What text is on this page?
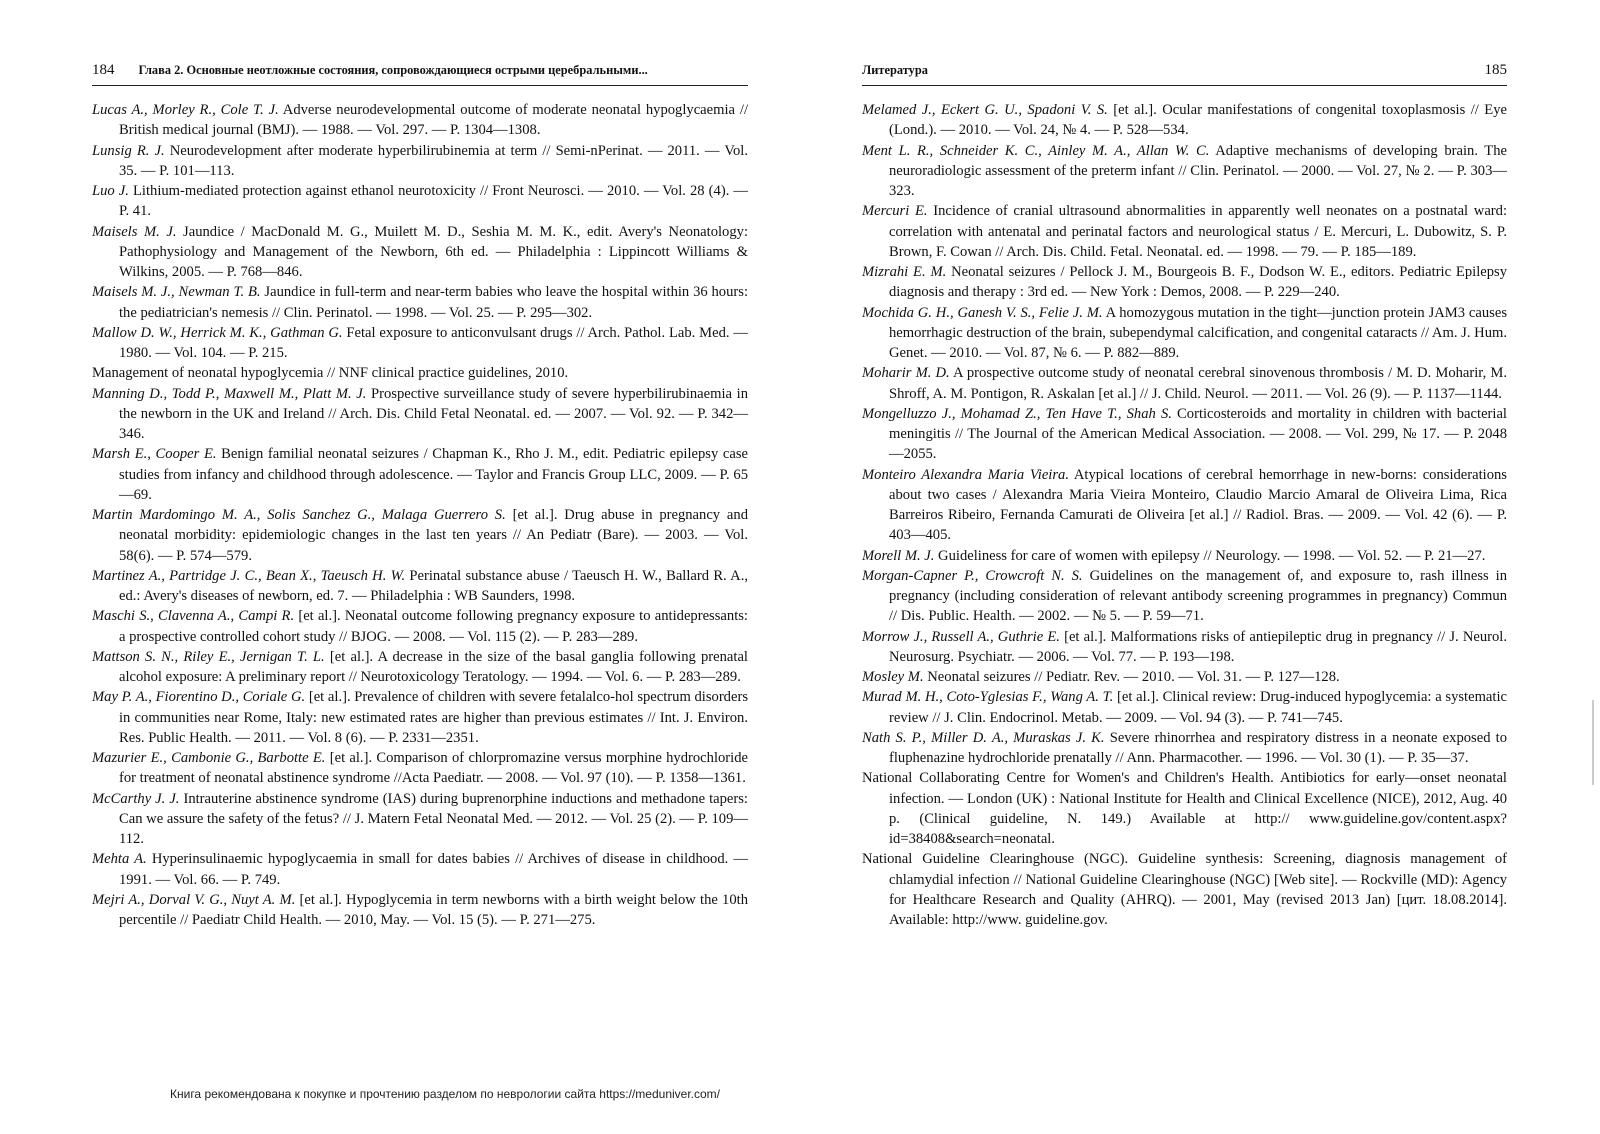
184 Глава 2. Основные неотложные состояния, сопровождающиеся острыми церебральными...
Lucas A., Morley R., Cole T. J. Adverse neurodevelopmental outcome of moderate neonatal hypoglycaemia // British medical journal (BMJ). — 1988. — Vol. 297. — P. 1304—1308.
Lunsig R. J. Neurodevelopment after moderate hyperbilirubinemia at term // Semi-nPerinat. — 2011. — Vol. 35. — P. 101—113.
Luo J. Lithium-mediated protection against ethanol neurotoxicity // Front Neurosci. — 2010. — Vol. 28 (4). — P. 41.
Maisels M. J. Jaundice / MacDonald M. G., Muilett M. D., Seshia M. M. K., edit. Avery's Neonatology: Pathophysiology and Management of the Newborn, 6th ed. — Philadelphia : Lippincott Williams & Wilkins, 2005. — P. 768—846.
Maisels M. J., Newman T. B. Jaundice in full-term and near-term babies who leave the hospital within 36 hours: the pediatrician's nemesis // Clin. Perinatol. — 1998. — Vol. 25. — P. 295—302.
Mallow D. W., Herrick M. K., Gathman G. Fetal exposure to anticonvulsant drugs // Arch. Pathol. Lab. Med. — 1980. — Vol. 104. — P. 215.
Management of neonatal hypoglycemia // NNF clinical practice guidelines, 2010.
Manning D., Todd P., Maxwell M., Platt M. J. Prospective surveillance study of severe hyperbilirubinaemia in the newborn in the UK and Ireland // Arch. Dis. Child Fetal Neonatal. ed. — 2007. — Vol. 92. — P. 342—346.
Marsh E., Cooper E. Benign familial neonatal seizures / Chapman K., Rho J. M., edit. Pediatric epilepsy case studies from infancy and childhood through adolescence. — Taylor and Francis Group LLC, 2009. — P. 65—69.
Martin Mardomingo M. A., Solis Sanchez G., Malaga Guerrero S. [et al.]. Drug abuse in pregnancy and neonatal morbidity: epidemiologic changes in the last ten years // An Pediatr (Bare). — 2003. — Vol. 58(6). — P. 574—579.
Martinez A., Partridge J. C., Bean X., Taeusch H. W. Perinatal substance abuse / Taeusch H. W., Ballard R. A., ed.: Avery's diseases of newborn, ed. 7. — Philadelphia : WB Saunders, 1998.
Maschi S., Clavenna A., Campi R. [et al.]. Neonatal outcome following pregnancy exposure to antidepressants: a prospective controlled cohort study // BJOG. — 2008. — Vol. 115 (2). — P. 283—289.
Mattson S. N., Riley E., Jernigan T. L. [et al.]. A decrease in the size of the basal ganglia following prenatal alcohol exposure: A preliminary report // Neurotoxicology Teratology. — 1994. — Vol. 6. — P. 283—289.
May P. A., Fiorentino D., Coriale G. [et al.]. Prevalence of children with severe fetalalco-hol spectrum disorders in communities near Rome, Italy: new estimated rates are higher than previous estimates // Int. J. Environ. Res. Public Health. — 2011. — Vol. 8 (6). — P. 2331—2351.
Mazurier E., Cambonie G., Barbotte E. [et al.]. Comparison of chlorpromazine versus morphine hydrochloride for treatment of neonatal abstinence syndrome //Acta Paediatr. — 2008. — Vol. 97 (10). — P. 1358—1361.
McCarthy J. J. Intrauterine abstinence syndrome (IAS) during buprenorphine inductions and methadone tapers: Can we assure the safety of the fetus? // J. Matern Fetal Neonatal Med. — 2012. — Vol. 25 (2). — P. 109—112.
Mehta A. Hyperinsulinaemic hypoglycaemia in small for dates babies // Archives of disease in childhood. — 1991. — Vol. 66. — P. 749.
Mejri A., Dorval V. G., Nuyt A. M. [et al.]. Hypoglycemia in term newborns with a birth weight below the 10th percentile // Paediatr Child Health. — 2010, May. — Vol. 15 (5). — P. 271—275.
Литература	185
Melamed J., Eckert G. U., Spadoni V. S. [et al.]. Ocular manifestations of congenital toxoplasmosis // Eye (Lond.). — 2010. — Vol. 24, № 4. — P. 528—534.
Ment L. R., Schneider K. C., Ainley M. A., Allan W. C. Adaptive mechanisms of developing brain. The neuroradiologic assessment of the preterm infant // Clin. Perinatol. — 2000. — Vol. 27, № 2. — P. 303—323.
Mercuri E. Incidence of cranial ultrasound abnormalities in apparently well neonates on a postnatal ward: correlation with antenatal and perinatal factors and neurological status / E. Mercuri, L. Dubowitz, S. P. Brown, F. Cowan // Arch. Dis. Child. Fetal. Neonatal. ed. — 1998. — 79. — P. 185—189.
Mizrahi E. M. Neonatal seizures / Pellock J. M., Bourgeois B. F., Dodson W. E., editors. Pediatric Epilepsy diagnosis and therapy : 3rd ed. — New York : Demos, 2008. — P. 229—240.
Mochida G. H., Ganesh V. S., Felie J. M. A homozygous mutation in the tight—junction protein JAM3 causes hemorrhagic destruction of the brain, subependymal calcification, and congenital cataracts // Am. J. Hum. Genet. — 2010. — Vol. 87, № 6. — P. 882—889.
Moharir M. D. A prospective outcome study of neonatal cerebral sinovenous thrombosis / M. D. Moharir, M. Shroff, A. M. Pontigon, R. Askalan [et al.] // J. Child. Neurol. — 2011. — Vol. 26 (9). — P. 1137—1144.
Mongelluzzo J., Mohamad Z., Ten Have T., Shah S. Corticosteroids and mortality in children with bacterial meningitis // The Journal of the American Medical Association. — 2008. — Vol. 299, № 17. — P. 2048—2055.
Monteiro Alexandra Maria Vieira. Atypical locations of cerebral hemorrhage in new-borns: considerations about two cases / Alexandra Maria Vieira Monteiro, Claudio Marcio Amaral de Oliveira Lima, Rica Barreiros Ribeiro, Fernanda Camurati de Oliveira [et al.] // Radiol. Bras. — 2009. — Vol. 42 (6). — P. 403—405.
Morell M. J. Guideliness for care of women with epilepsy // Neurology. — 1998. — Vol. 52. — P. 21—27.
Morgan-Capner P., Crowcroft N. S. Guidelines on the management of, and exposure to, rash illness in pregnancy (including consideration of relevant antibody screening programmes in pregnancy) Commun // Dis. Public. Health. — 2002. — № 5. — P. 59—71.
Morrow J., Russell A., Guthrie E. [et al.]. Malformations risks of antiepileptic drug in pregnancy // J. Neurol. Neurosurg. Psychiatr. — 2006. — Vol. 77. — P. 193—198.
Mosley M. Neonatal seizures // Pediatr. Rev. — 2010. — Vol. 31. — P. 127—128.
Murad M. H., Coto-Yglesias F., Wang A. T. [et al.]. Clinical review: Drug-induced hypoglycemia: a systematic review // J. Clin. Endocrinol. Metab. — 2009. — Vol. 94 (3). — P. 741—745.
Nath S. P., Miller D. A., Muraskas J. K. Severe rhinorrhea and respiratory distress in a neonate exposed to fluphenazine hydrochloride prenatally // Ann. Pharmacother. — 1996. — Vol. 30 (1). — P. 35—37.
National Collaborating Centre for Women's and Children's Health. Antibiotics for early—onset neonatal infection. — London (UK) : National Institute for Health and Clinical Excellence (NICE), 2012, Aug. 40 p. (Clinical guideline, N. 149.) Available at http:// www.guideline.gov/content.aspx?id=38408&search=neonatal.
National Guideline Clearinghouse (NGC). Guideline synthesis: Screening, diagnosis management of chlamydial infection // National Guideline Clearinghouse (NGC) [Web site]. — Rockville (MD): Agency for Healthcare Research and Quality (AHRQ). — 2001, May (revised 2013 Jan) [цит. 18.08.2014]. Available: http://www. guideline.gov.
Книга рекомендована к покупке и прочтению разделом по неврологии сайта https://meduniver.com/
